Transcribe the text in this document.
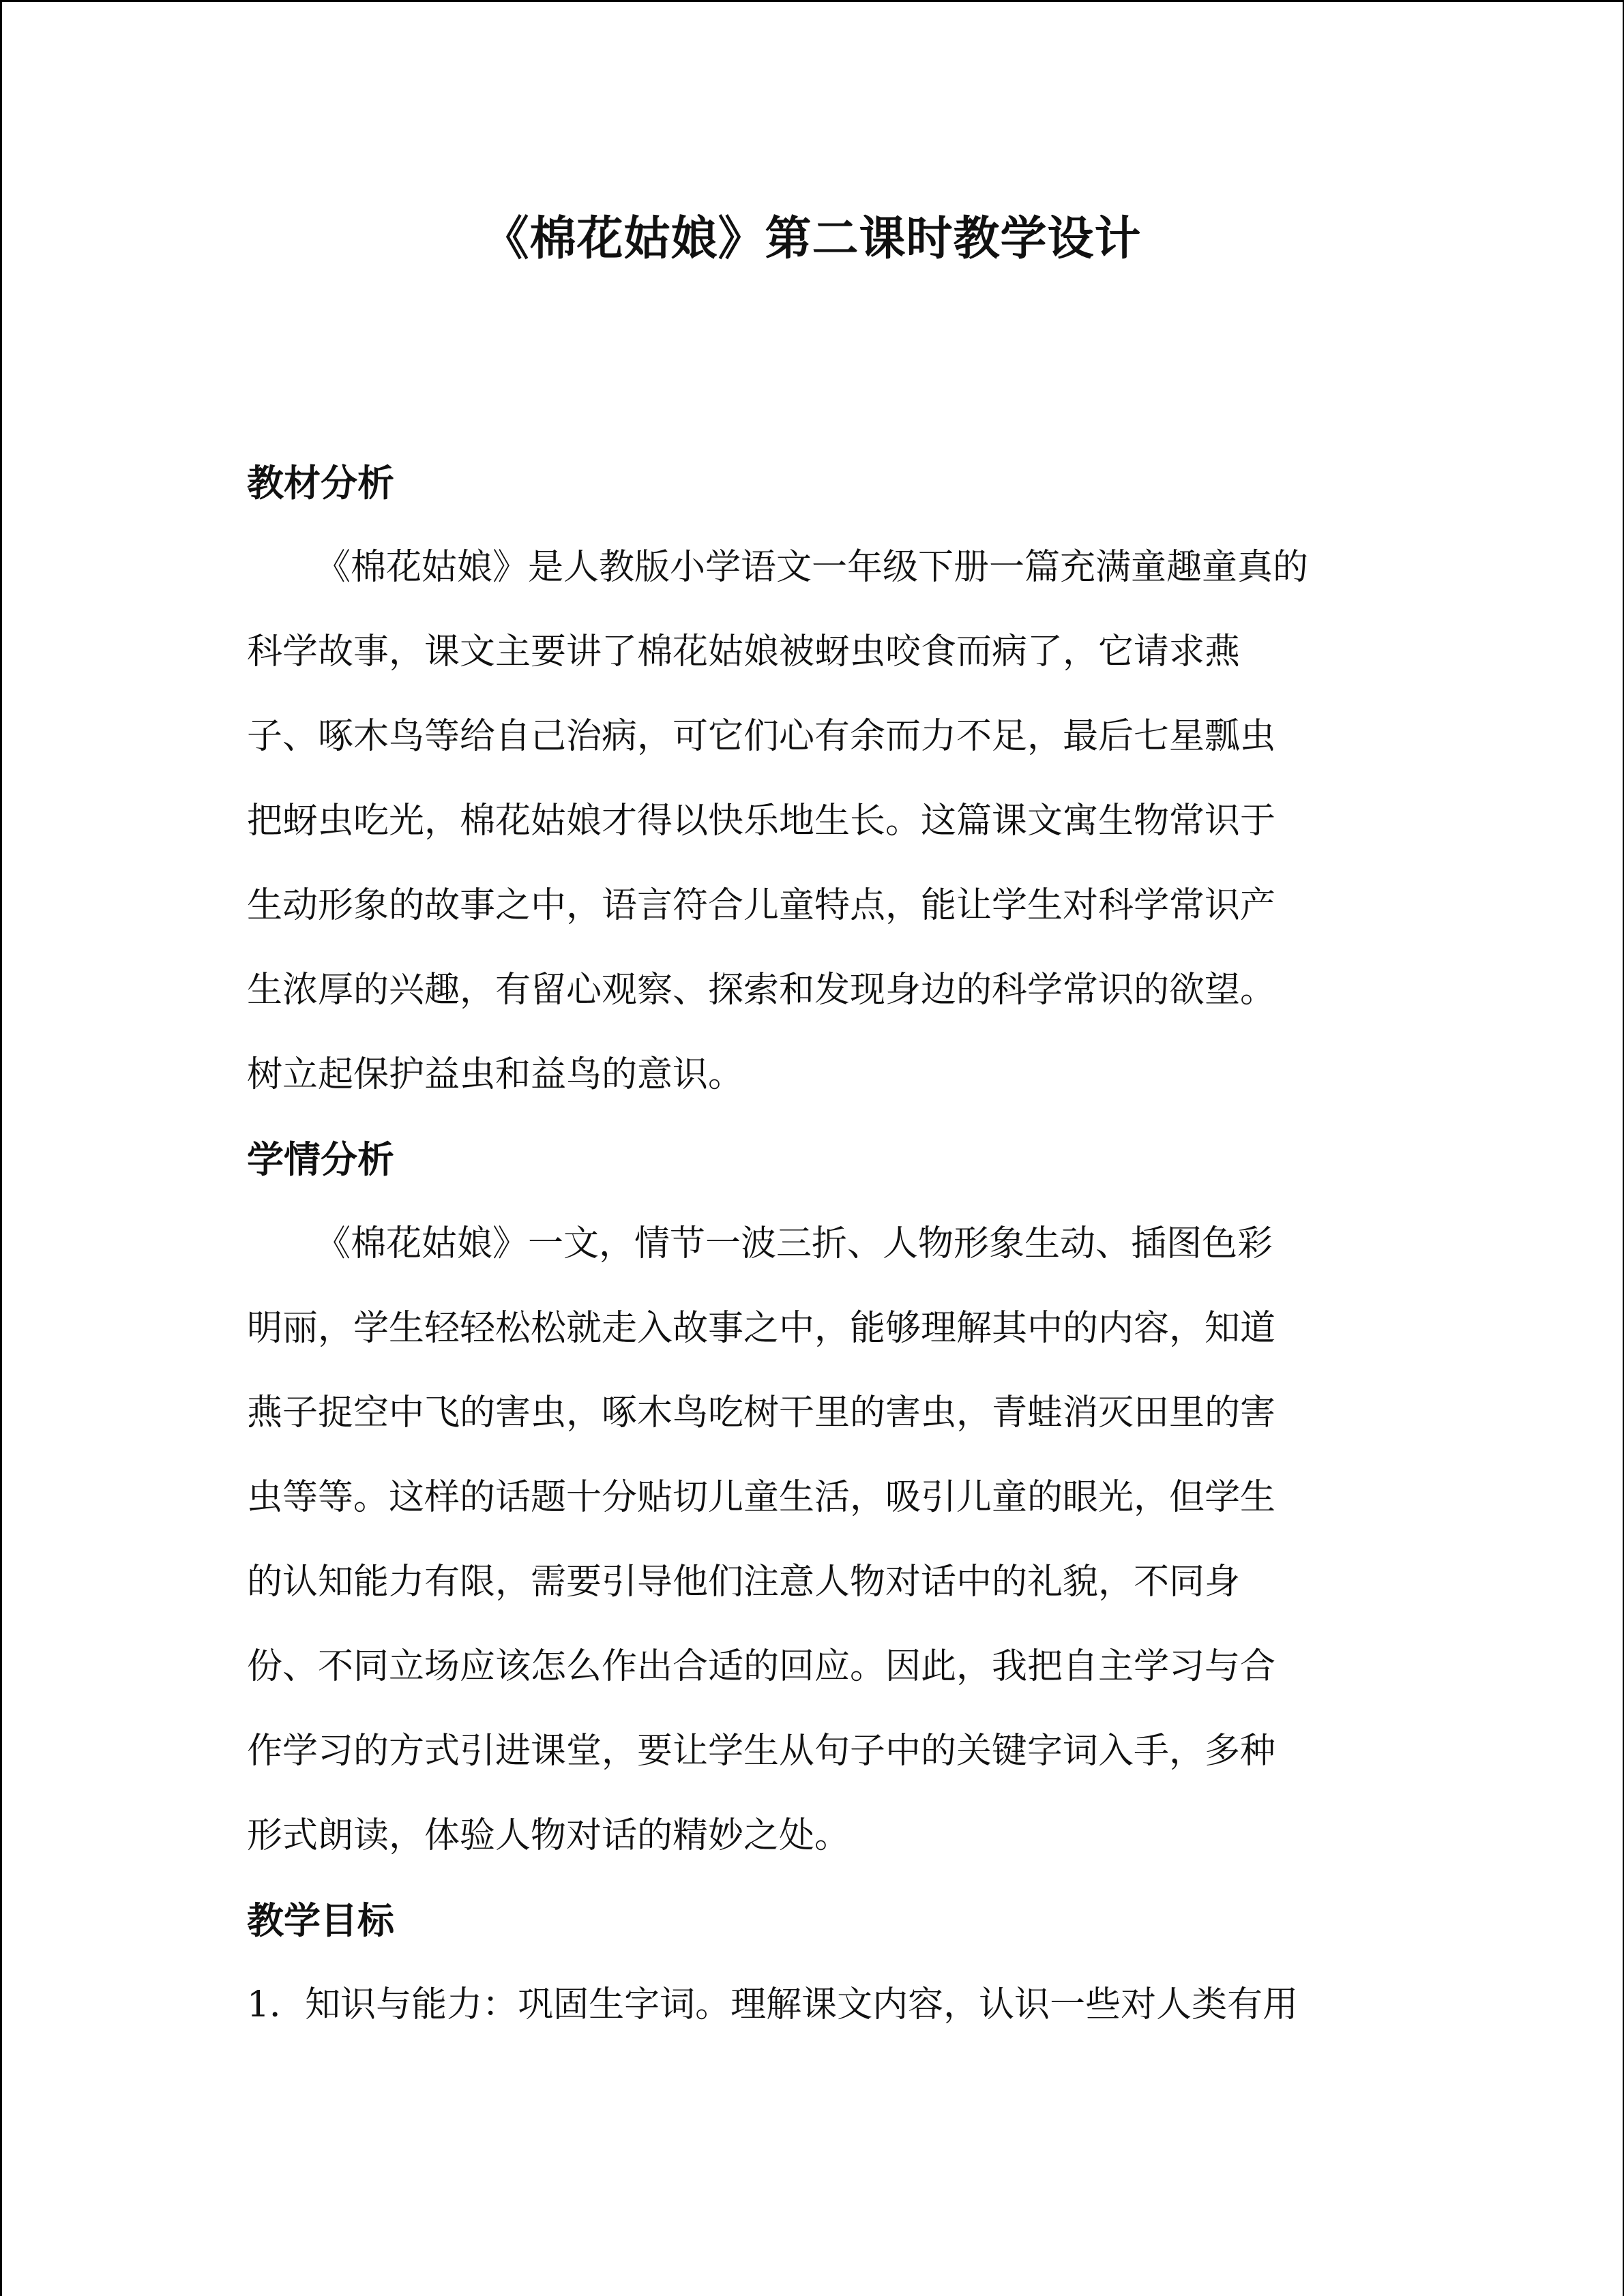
《棉花姑娘》第二课时教学设计
教材分析
《棉花姑娘》是人教版小学语文一年级下册一篇充满童趣童真的
科学故事，课文主要讲了棉花姑娘被蚜虫咬食而病了，它请求燕
子、啄木鸟等给自己治病，可它们心有余而力不足，最后七星瓢虫
把蚜虫吃光，棉花姑娘才得以快乐地生长。这篇课文寓生物常识于
生动形象的故事之中，语言符合儿童特点，能让学生对科学常识产
生浓厚的兴趣，有留心观察、探索和发现身边的科学常识的欲望。
树立起保护益虫和益鸟的意识。
学情分析
《棉花姑娘》一文，情节一波三折、人物形象生动、插图色彩
明丽，学生轻轻松松就走入故事之中，能够理解其中的内容，知道
燕子捉空中飞的害虫，啄木鸟吃树干里的害虫，青蛙消灭田里的害
虫等等。这样的话题十分贴切儿童生活，吸引儿童的眼光，但学生
的认知能力有限，需要引导他们注意人物对话中的礼貌，不同身
份、不同立场应该怎么作出合适的回应。因此，我把自主学习与合
作学习的方式引进课堂，要让学生从句子中的关键字词入手，多种
形式朗读，体验人物对话的精妙之处。
教学目标
1．知识与能力：巩固生字词。理解课文内容，认识一些对人类有用
